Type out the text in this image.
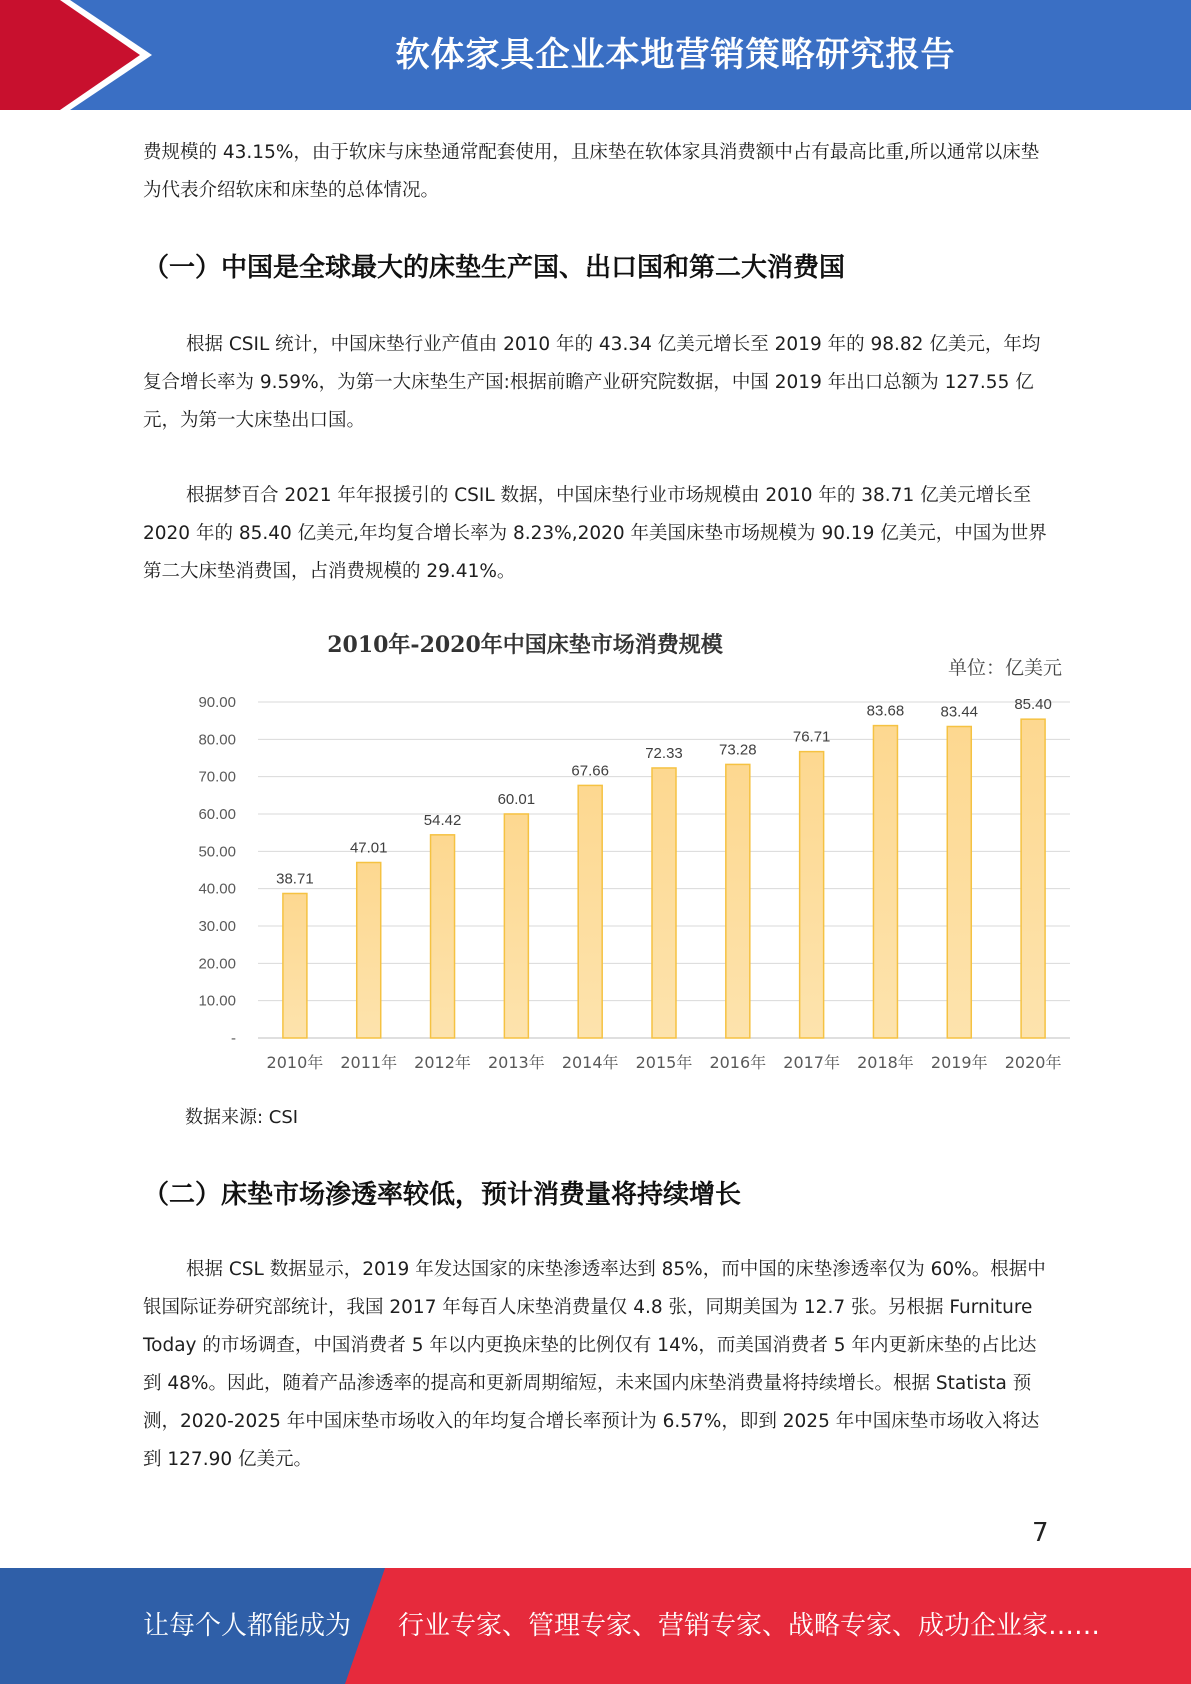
软体家具企业本地营销策略研究报告

费规模的 43.15%，由于软床与床垫通常配套使用，且床垫在软体家具消费额中占有最高比重,所以通常以床垫为代表介绍软床和床垫的总体情况。

（一）中国是全球最大的床垫生产国、出口国和第二大消费国

根据 CSIL 统计，中国床垫行业产值由 2010 年的 43.34 亿美元增长至 2019 年的 98.82 亿美元，年均复合增长率为 9.59%，为第一大床垫生产国:根据前瞻产业研究院数据，中国 2019 年出口总额为 127.55 亿元，为第一大床垫出口国。

根据梦百合 2021 年年报援引的 CSIL 数据，中国床垫行业市场规模由 2010 年的 38.71 亿美元增长至 2020 年的 85.40 亿美元,年均复合增长率为 8.23%,2020 年美国床垫市场规模为 90.19 亿美元，中国为世界第二大床垫消费国，占消费规模的 29.41%。

2010年-2020年中国床垫市场消费规模
单位：亿美元
-
10.00
20.00
30.00
40.00
50.00
60.00
70.00
80.00
90.00
38.71
2010年
47.01
2011年
54.42
2012年
60.01
2013年
67.66
2014年
72.33
2015年
73.28
2016年
76.71
2017年
83.68
2018年
83.44
2019年
85.40
2020年
数据来源: CSI
（二）床垫市场渗透率较低，预计消费量将持续增长

根据 CSL 数据显示，2019 年发达国家的床垫渗透率达到 85%，而中国的床垫渗透率仅为 60%。根据中银国际证券研究部统计，我国 2017 年每百人床垫消费量仅 4.8 张，同期美国为 12.7 张。另根据 Furniture Today 的市场调查，中国消费者 5 年以内更换床垫的比例仅有 14%，而美国消费者 5 年内更新床垫的占比达到 48%。因此，随着产品渗透率的提高和更新周期缩短，未来国内床垫消费量将持续增长。根据 Statista 预测，2020-2025 年中国床垫市场收入的年均复合增长率预计为 6.57%，即到 2025 年中国床垫市场收入将达到 127.90 亿美元。

7
让每个人都能成为 行业专家、管理专家、营销专家、战略专家、成功企业家……
